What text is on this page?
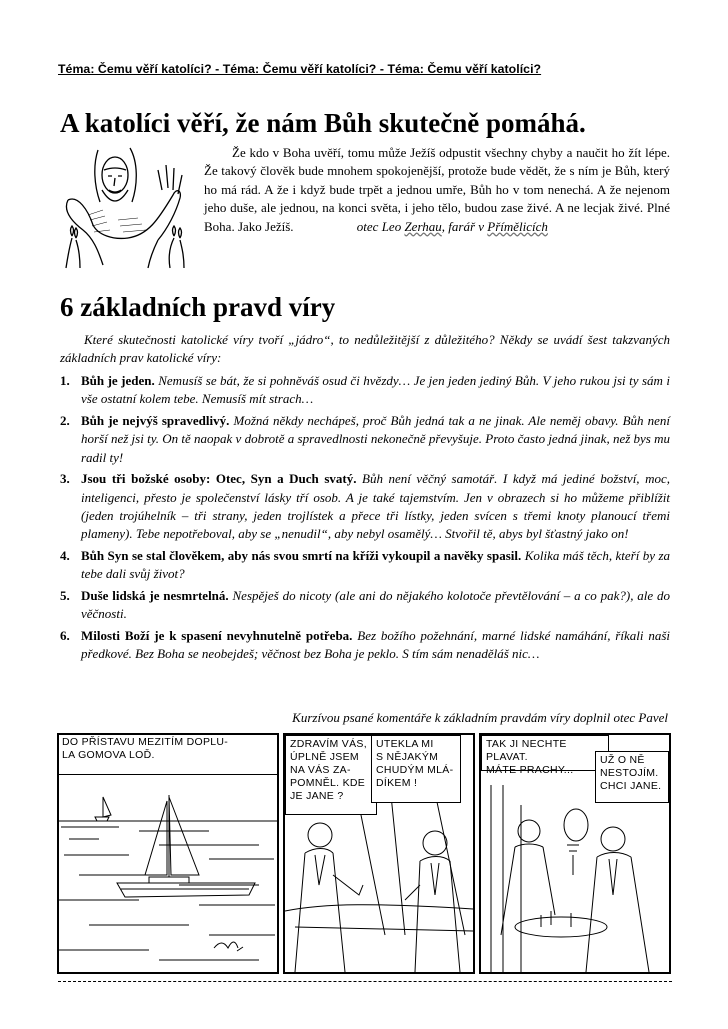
Téma: Čemu věří katolíci? - Téma: Čemu věří katolíci? - Téma: Čemu věří katolíci?
A katolíci věří, že nám Bůh skutečně pomáhá.
Že kdo v Boha uvěří, tomu může Ježíš odpustit všechny chyby a naučit ho žít lépe. Že takový člověk bude mnohem spokojenější, protože bude vědět, že s ním je Bůh, který ho má rád. A že i když bude trpět a jednou umře, Bůh ho v tom nenechá. A že nejenom jeho duše, ale jednou, na konci světa, i jeho tělo, budou zase živé. A ne lecjak živé. Plné Boha. Jako Ježíš.	otec Leo Zerhau, farář v Přímělicích
6 základních pravd víry
Které skutečnosti katolické víry tvoří „jádro“, to nedůležitější z důležitého? Někdy se uvádí šest takzvaných základních prav katolické víry:
1. Bůh je jeden. Nemusíš se bát, že si pohněváš osud či hvězdy… Je jen jeden jediný Bůh. V jeho rukou jsi ty sám i vše ostatní kolem tebe. Nemusíš mít strach…
2. Bůh je nejvýš spravedlivý. Možná někdy nechápeš, proč Bůh jedná tak a ne jinak. Ale neměj obavy. Bůh není horší než jsi ty. On tě naopak v dobrotě a spravedlnosti nekonečně převyšuje. Proto často jedná jinak, než bys mu radil ty!
3. Jsou tři božské osoby: Otec, Syn a Duch svatý. Bůh není věčný samotář. I když má jediné božství, moc, inteligenci, přesto je společenství lásky tří osob. A je také tajemstvím. Jen v obrazech si ho můžeme přiblížit (jeden trojúhelník – tři strany, jeden trojlístek a přece tři lístky, jeden svícen s třemi knoty planoucí třemi plameny). Tebe nepotřeboval, aby se „nenudil“, aby nebyl osamělý… Stvořil tě, abys byl šťastný jako on!
4. Bůh Syn se stal člověkem, aby nás svou smrtí na kříži vykoupil a navěky spasil. Kolika máš těch, kteří by za tebe dali svůj život?
5. Duše lidská je nesmrtelná. Nespěješ do nicoty (ale ani do nějakého kolotoče převtělování – a co pak?), ale do věčnosti.
6. Milosti Boží je k spasení nevyhnutelně potřeba. Bez božího požehnání, marné lidské namáhání, říkali naši předkové. Bez Boha se neobejdeš; věčnost bez Boha je peklo. S tím sám nenaděláš nic…
Kurzívou psané komentáře k základním pravdám víry doplnil otec Pavel
DO PŘÍSTAVU MEZITÍM DOPLU-
LA GOMOVA LOĎ.
ZDRAVÍM VÁS,
ÚPLNĚ JSEM
NA VÁS ZA-
POMNĚL. KDE
JE JANE ?
UTEKLA MI
S NĚJAKÝM
CHUDÝM MLÁ-
DÍKEM !
TAK JI NECHTE PLAVAT.
MÁTE PRACHY...
UŽ O NĚ
NESTOJÍM.
CHCI JANE.
